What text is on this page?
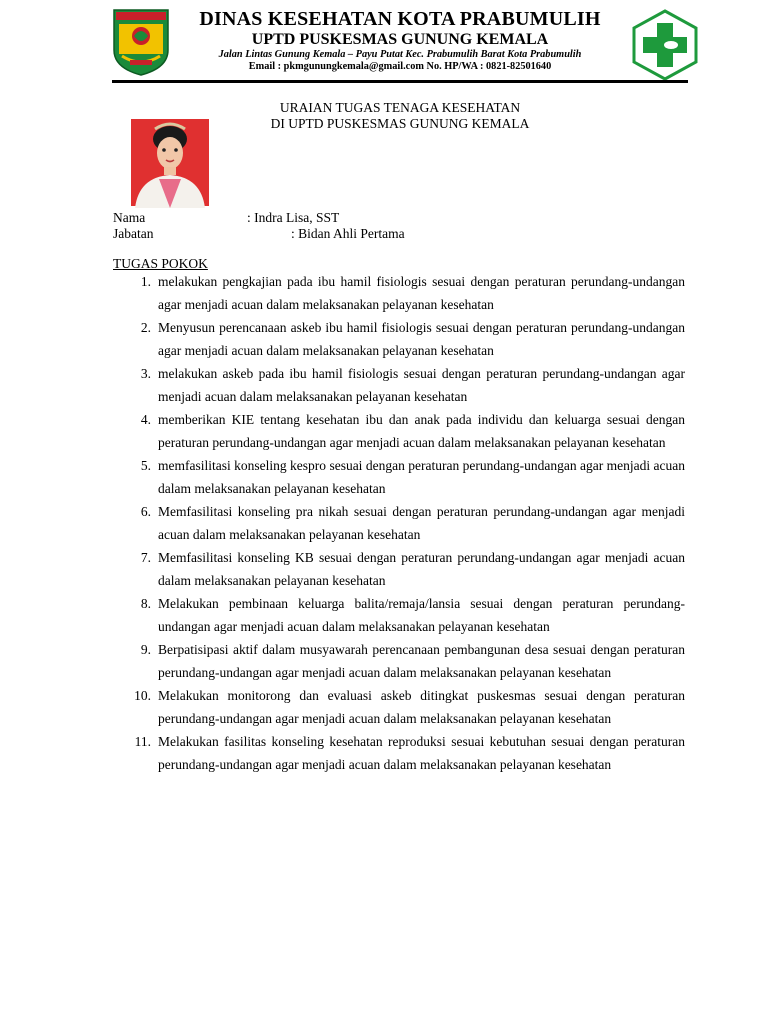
DINAS KESEHATAN KOTA PRABUMULIH
UPTD PUSKESMAS GUNUNG KEMALA
Jalan Lintas Gunung Kemala – Payu Putat Kec. Prabumulih Barat Kota Prabumulih
Email : pkmgunungkemala@gmail.com No. HP/WA : 0821-82501640
URAIAN TUGAS TENAGA KESEHATAN
DI UPTD PUSKESMAS GUNUNG KEMALA
Nama	: Indra Lisa, SST
Jabatan	: Bidan Ahli Pertama
TUGAS POKOK
1. melakukan pengkajian pada ibu hamil fisiologis sesuai dengan peraturan perundang-undangan agar menjadi acuan dalam melaksanakan pelayanan kesehatan
2. Menyusun perencanaan askeb ibu hamil fisiologis sesuai dengan peraturan perundang-undangan agar menjadi acuan dalam melaksanakan pelayanan kesehatan
3. melakukan askeb pada ibu hamil fisiologis sesuai dengan peraturan perundang-undangan agar menjadi acuan dalam melaksanakan pelayanan kesehatan
4. memberikan KIE tentang kesehatan ibu dan anak pada individu dan keluarga sesuai dengan peraturan perundang-undangan agar menjadi acuan dalam melaksanakan pelayanan kesehatan
5. memfasilitasi konseling kespro sesuai dengan peraturan perundang-undangan agar menjadi acuan dalam melaksanakan pelayanan kesehatan
6. Memfasilitasi konseling pra nikah sesuai dengan peraturan perundang-undangan agar menjadi acuan dalam melaksanakan pelayanan kesehatan
7. Memfasilitasi konseling KB sesuai dengan peraturan perundang-undangan agar menjadi acuan dalam melaksanakan pelayanan kesehatan
8. Melakukan pembinaan keluarga balita/remaja/lansia sesuai dengan peraturan perundang-undangan agar menjadi acuan dalam melaksanakan pelayanan kesehatan
9. Berpatisipasi aktif dalam musyawarah perencanaan pembangunan desa sesuai dengan peraturan perundang-undangan agar menjadi acuan dalam melaksanakan pelayanan kesehatan
10. Melakukan monitorong dan evaluasi askeb ditingkat puskesmas sesuai dengan peraturan perundang-undangan agar menjadi acuan dalam melaksanakan pelayanan kesehatan
11. Melakukan fasilitas konseling kesehatan reproduksi sesuai kebutuhan sesuai dengan peraturan perundang-undangan agar menjadi acuan dalam melaksanakan pelayanan kesehatan
